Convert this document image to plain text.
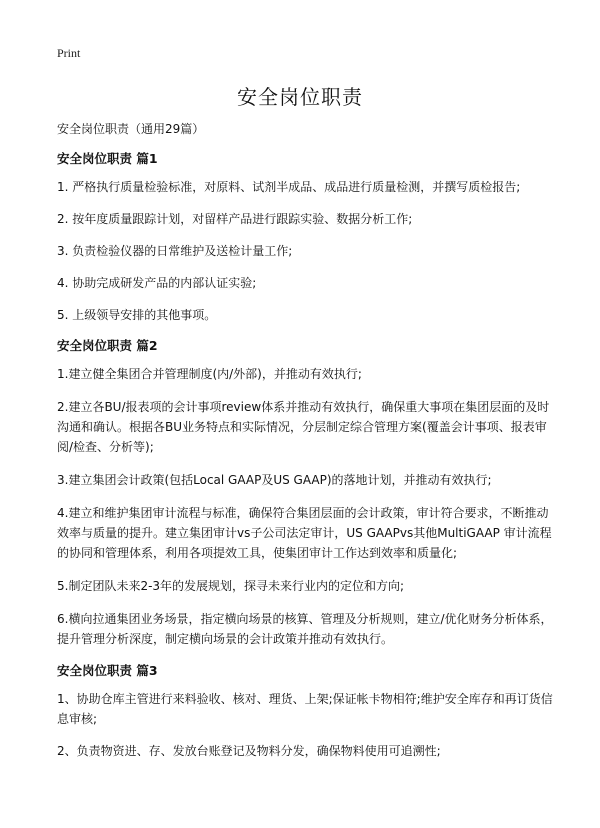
Print
安全岗位职责

安全岗位职责（通用29篇）

安全岗位职责 篇1

1. 严格执行质量检验标准，对原料、试剂半成品、成品进行质量检测，并撰写质检报告;

2. 按年度质量跟踪计划，对留样产品进行跟踪实验、数据分析工作;

3. 负责检验仪器的日常维护及送检计量工作;

4. 协助完成研发产品的内部认证实验;

5. 上级领导安排的其他事项。

安全岗位职责 篇2

1.建立健全集团合并管理制度(内/外部)，并推动有效执行;

2.建立各BU/报表项的会计事项review体系并推动有效执行，确保重大事项在集团层面的及时沟通和确认。根据各BU业务特点和实际情况，分层制定综合管理方案(覆盖会计事项、报表审阅/检查、分析等);

3.建立集团会计政策(包括Local GAAP及US GAAP)的落地计划，并推动有效执行;

4.建立和维护集团审计流程与标准，确保符合集团层面的会计政策，审计符合要求，不断推动效率与质量的提升。建立集团审计vs子公司法定审计，US GAAPvs其他MultiGAAP 审计流程的协同和管理体系，利用各项提效工具，使集团审计工作达到效率和质量化;

5.制定团队未来2-3年的发展规划，探寻未来行业内的定位和方向;

6.横向拉通集团业务场景，指定横向场景的核算、管理及分析规则，建立/优化财务分析体系，提升管理分析深度，制定横向场景的会计政策并推动有效执行。

安全岗位职责 篇3

1、协助仓库主管进行来料验收、核对、理货、上架;保证帐卡物相符;维护安全库存和再订货信息审核;

2、负责物资进、存、发放台账登记及物料分发，确保物料使用可追溯性;
